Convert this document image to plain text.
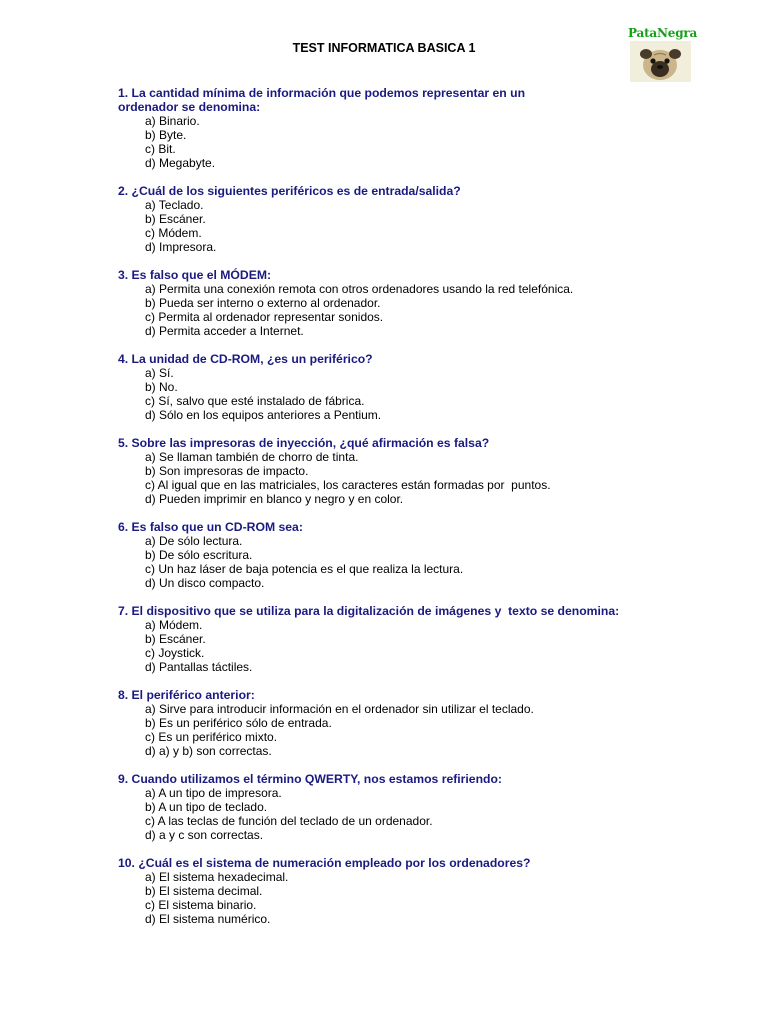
TEST INFORMATICA BASICA 1
PataNegra
1. La cantidad mínima de información que podemos representar en un
ordenador se denomina:
a) Binario.
b) Byte.
c) Bit.
d) Megabyte.
2. ¿Cuál de los siguientes periféricos es de entrada/salida?
a) Teclado.
b) Escáner.
c) Módem.
d) Impresora.
3. Es falso que el MÓDEM:
a) Permita una conexión remota con otros ordenadores usando la red telefónica.
b) Pueda ser interno o externo al ordenador.
c) Permita al ordenador representar sonidos.
d) Permita acceder a Internet.
4. La unidad de CD-ROM, ¿es un periférico?
a) Sí.
b) No.
c) Sí, salvo que esté instalado de fábrica.
d) Sólo en los equipos anteriores a Pentium.
5. Sobre las impresoras de inyección, ¿qué afirmación es falsa?
a) Se llaman también de chorro de tinta.
b) Son impresoras de impacto.
c) Al igual que en las matriciales, los caracteres están formadas por  puntos.
d) Pueden imprimir en blanco y negro y en color.
6. Es falso que un CD-ROM sea:
a) De sólo lectura.
b) De sólo escritura.
c) Un haz láser de baja potencia es el que realiza la lectura.
d) Un disco compacto.
7. El dispositivo que se utiliza para la digitalización de imágenes y  texto se denomina:
a) Módem.
b) Escáner.
c) Joystick.
d) Pantallas táctiles.
8. El periférico anterior:
a) Sirve para introducir información en el ordenador sin utilizar el teclado.
b) Es un periférico sólo de entrada.
c) Es un periférico mixto.
d) a) y b) son correctas.
9. Cuando utilizamos el término QWERTY, nos estamos refiriendo:
a) A un tipo de impresora.
b) A un tipo de teclado.
c) A las teclas de función del teclado de un ordenador.
d) a y c son correctas.
10. ¿Cuál es el sistema de numeración empleado por los ordenadores?
a) El sistema hexadecimal.
b) El sistema decimal.
c) El sistema binario.
d) El sistema numérico.
